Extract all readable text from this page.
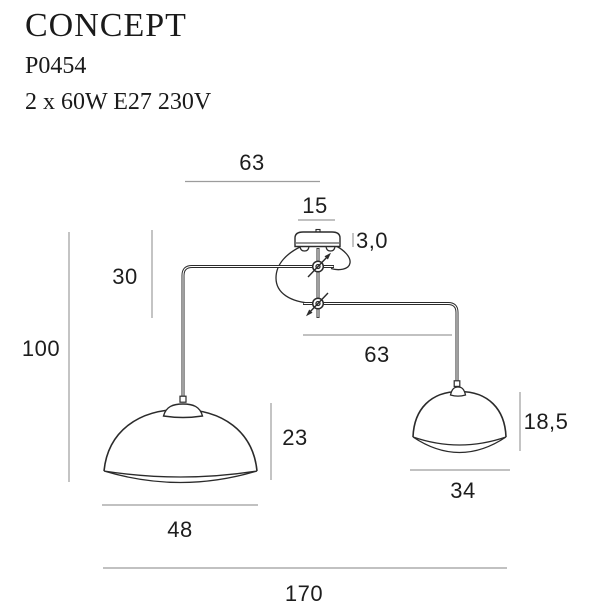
CONCEPT
P0454
2 x 60W E27 230V
63
15
3,0
30
100	63
23
18,5
48
34
170
